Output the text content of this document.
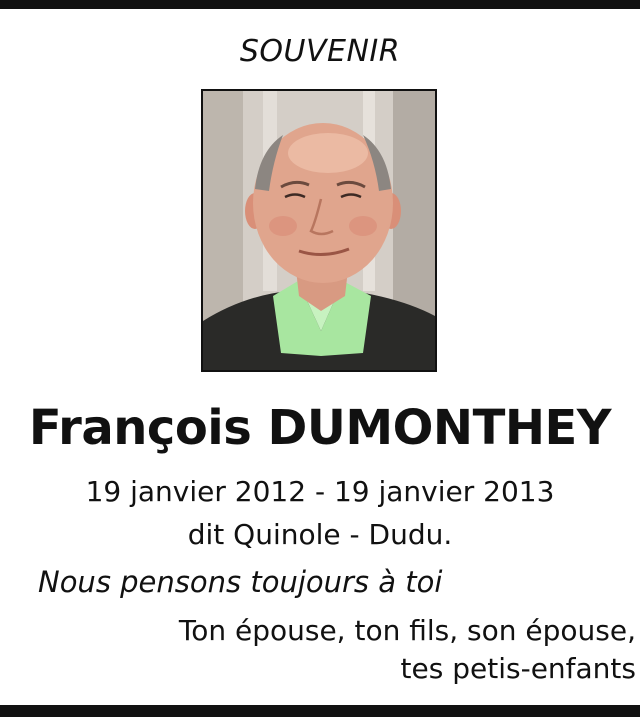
SOUVENIR
François DUMONTHEY
19 janvier 2012 - 19 janvier 2013
dit Quinole - Dudu.
Nous pensons toujours à toi
Ton épouse, ton fils, son épouse,
tes petis-enfants
